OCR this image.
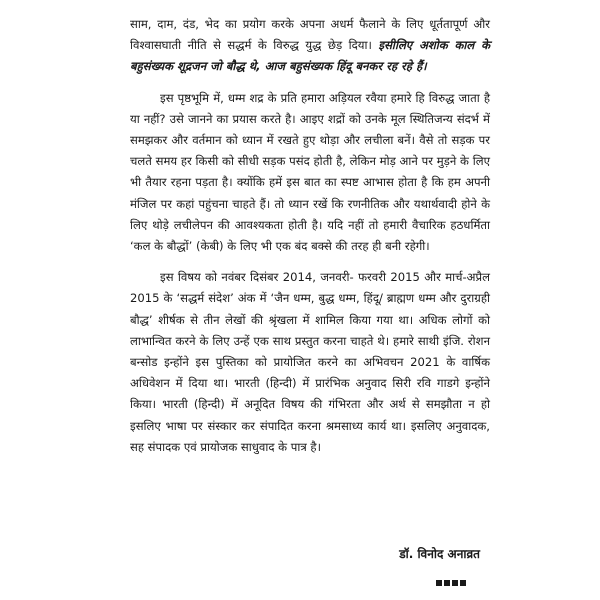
साम, दाम, दंड, भेद का प्रयोग करके अपना अधर्म फैलाने के लिए धूर्ततापूर्ण और विश्वासघाती नीति से सद्धर्म के विरुद्ध युद्ध छेड़ दिया। इसीलिए अशोक काल के बहुसंख्यक शूद्रजन जो बौद्ध थे, आज बहुसंख्यक हिंदू बनकर रह रहे हैं।

इस पृष्ठभूमि में, धम्म शद्र के प्रति हमारा अड़ियल रवैया हमारे हि विरुद्ध जाता है या नहीं? उसे जानने का प्रयास करते है। आइए शद्रों को उनके मूल स्थितिजन्य संदर्भ में समझकर और वर्तमान को ध्यान में रखते हुए थोड़ा और लचीला बनें। वैसे तो सड़क पर चलते समय हर किसी को सीधी सड़क पसंद होती है, लेकिन मोड़ आने पर मुड़ने के लिए भी तैयार रहना पड़ता है। क्योंकि हमें इस बात का स्पष्ट आभास होता है कि हम अपनी मंजिल पर कहां पहुंचना चाहते हैं। तो ध्यान रखें कि रणनीतिक और यथार्थवादी होने के लिए थोड़े लचीलेपन की आवश्यकता होती है। यदि नहीं तो हमारी वैचारिक हठधर्मिता ‘कल के बौद्धों’ (केबी) के लिए भी एक बंद बक्से की तरह ही बनी रहेगी।

इस विषय को नवंबर दिसंबर 2014, जनवरी- फरवरी 2015 और मार्च-अप्रैल 2015 के ‘सद्धर्म संदेश’ अंक में ‘जैन धम्म, बुद्ध धम्म, हिंदू/ ब्राह्मण धम्म और दुराग्रही बौद्ध’ शीर्षक से तीन लेखों की श्रृंखला में शामिल किया गया था। अधिक लोगों को लाभान्वित करने के लिए उन्हें एक साथ प्रस्तुत करना चाहते थे। हमारे साथी इंजि. रोशन बन्सोड इन्होंने इस पुस्तिका को प्रायोजित करने का अभिवचन 2021 के वार्षिक अधिवेशन में दिया था। भारती (हिन्दी) में प्रारंभिक अनुवाद सिरी रवि गाडगे इन्होंने किया। भारती (हिन्दी) में अनूदित विषय की गंभिरता और अर्थ से समझौता न हो इसलिए भाषा पर संस्कार कर संपादित करना श्रमसाध्य कार्य था। इसलिए अनुवादक, सह संपादक एवं प्रायोजक साधुवाद के पात्र है।

डॉ. विनोद अनाव्रत
